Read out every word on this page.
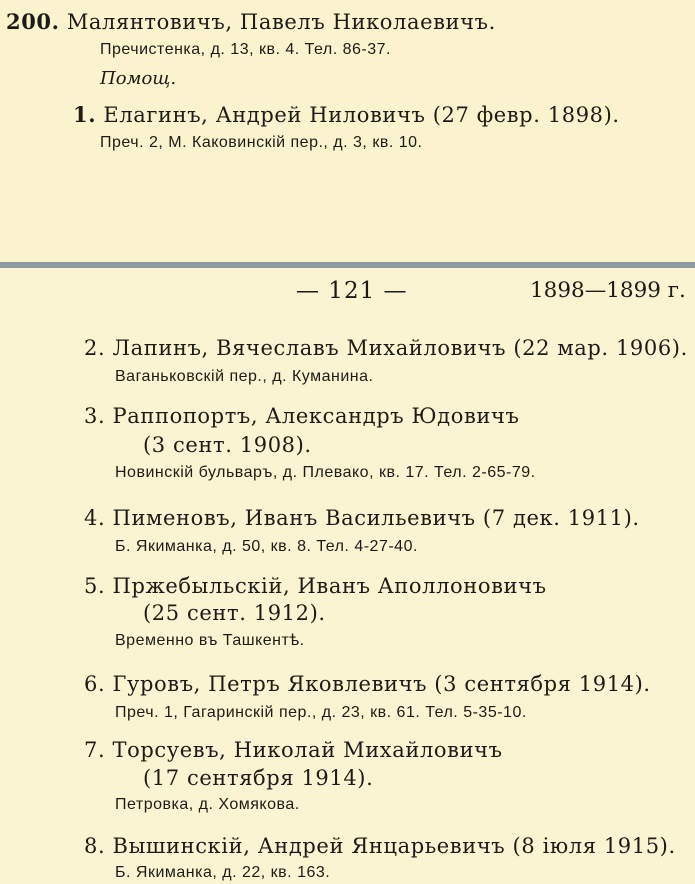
200. Малянтовичъ, Павелъ Николаевичъ.
Пречистенка, д. 13, кв. 4. Тел. 86-37.
Помощ.
1. Елагинъ, Андрей Ниловичъ (27 февр. 1898).
Преч. 2, М. Каковинскій пер., д. 3, кв. 10.
— 121 —	1898—1899 г.
2. Лапинъ, Вячеславъ Михайловичъ (22 мар. 1906).
Ваганьковскій пер., д. Куманина.
3. Раппопортъ, Александръ Юдовичъ
(3 сент. 1908).
Новинскій бульваръ, д. Плевако, кв. 17. Тел. 2-65-79.
4. Пименовъ, Иванъ Васильевичъ (7 дек. 1911).
Б. Якиманка, д. 50, кв. 8. Тел. 4-27-40.
5. Пржебыльскій, Иванъ Аполлоновичъ
(25 сент. 1912).
Временно въ Ташкентѣ.
6. Гуровъ, Петръ Яковлевичъ (3 сентября 1914).
Преч. 1, Гагаринскій пер., д. 23, кв. 61. Тел. 5-35-10.
7. Торсуевъ, Николай Михайловичъ
(17 сентября 1914).
Петровка, д. Хомякова.
8. Вышинскій, Андрей Янцарьевичъ (8 іюля 1915).
Б. Якиманка, д. 22, кв. 163.
